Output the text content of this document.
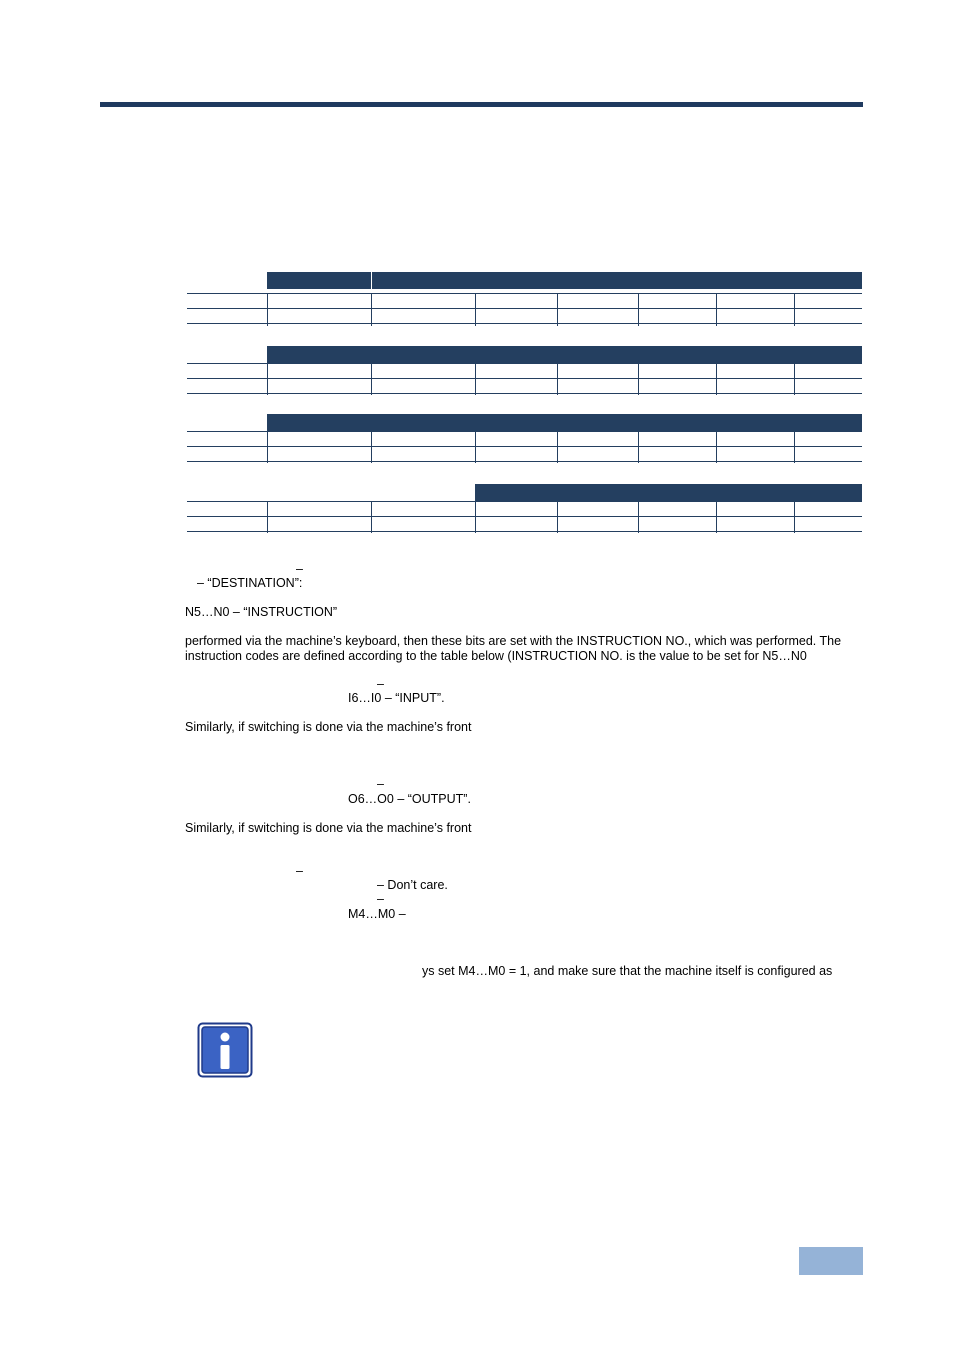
–
– “DESTINATION”:
N5…N0 – “INSTRUCTION”
performed via the machine’s keyboard, then these bits are set with the INSTRUCTION NO., which was performed. The
instruction codes are defined according to the table below (INSTRUCTION NO. is the value to be set for N5…N0
–
I6…I0 – “INPUT”.
Similarly, if switching is done via the machine’s front
–
O6…O0 – “OUTPUT”.
Similarly, if switching is done via the machine’s front
–
– Don’t care.
–
M4…M0 –
ys set M4…M0 = 1, and make sure that the machine itself is configured as
